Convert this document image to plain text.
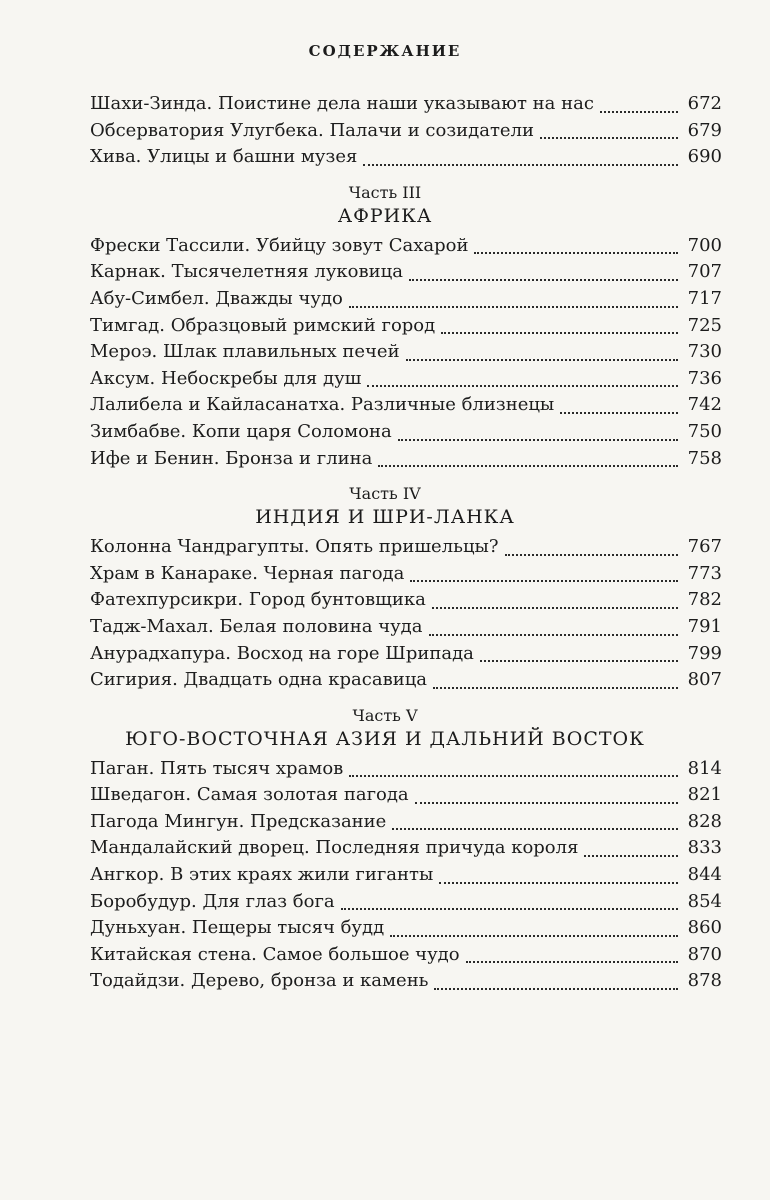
СОДЕРЖАНИЕ
Шахи-Зинда. Поистине дела наши указывают на нас	672
Обсерватория Улугбека. Палачи и созидатели	679
Хива. Улицы и башни музея	690
Часть III
АФРИКА
Фрески Тассили. Убийцу зовут Сахарой	700
Карнак. Тысячелетняя луковица	707
Абу-Симбел. Дважды чудо	717
Тимгад. Образцовый римский город	725
Мероэ. Шлак плавильных печей	730
Аксум. Небоскребы для душ	736
Лалибела и Кайласанатха. Различные близнецы	742
Зимбабве. Копи царя Соломона	750
Ифе и Бенин. Бронза и глина	758
Часть IV
ИНДИЯ И ШРИ-ЛАНКА
Колонна Чандрагупты. Опять пришельцы?	767
Храм в Канараке. Черная пагода	773
Фатехпурсикри. Город бунтовщика	782
Тадж-Махал. Белая половина чуда	791
Анурадхапура. Восход на горе Шрипада	799
Сигирия. Двадцать одна красавица	807
Часть V
ЮГО-ВОСТОЧНАЯ АЗИЯ И ДАЛЬНИЙ ВОСТОК
Паган. Пять тысяч храмов	814
Шведагон. Самая золотая пагода	821
Пагода Мингун. Предсказание	828
Мандалайский дворец. Последняя причуда короля	833
Ангкор. В этих краях жили гиганты	844
Боробудур. Для глаз бога	854
Дуньхуан. Пещеры тысяч будд	860
Китайская стена. Самое большое чудо	870
Тодайдзи. Дерево, бронза и камень	878
